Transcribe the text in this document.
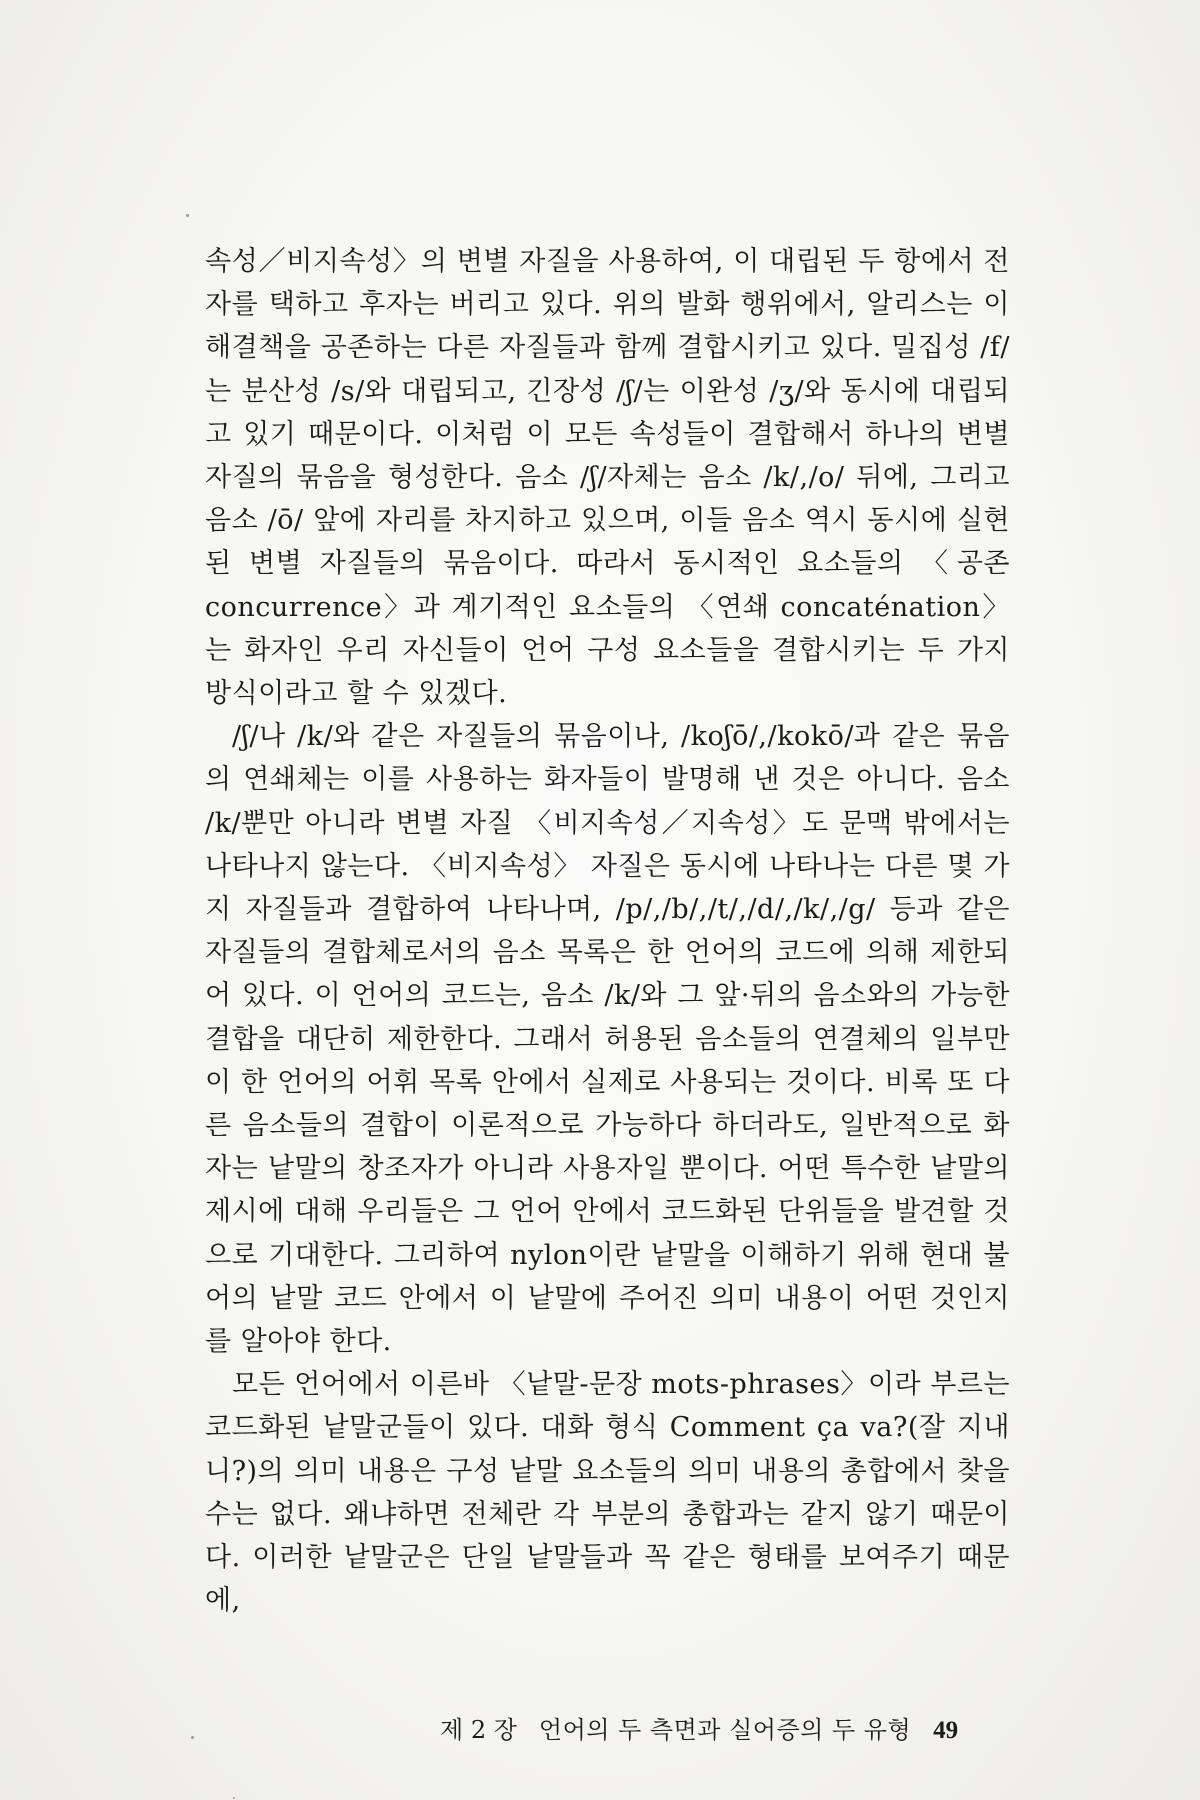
속성／비지속성〉의 변별 자질을 사용하여, 이 대립된 두 항에서 전자를 택하고 후자는 버리고 있다. 위의 발화 행위에서, 알리스는 이 해결책을 공존하는 다른 자질들과 함께 결합시키고 있다. 밀집성 /f/는 분산성 /s/와 대립되고, 긴장성 /ʃ/는 이완성 /ʒ/와 동시에 대립되고 있기 때문이다. 이처럼 이 모든 속성들이 결합해서 하나의 변별 자질의 묶음을 형성한다. 음소 /ʃ/자체는 음소 /k/,/o/ 뒤에, 그리고 음소 /ō/ 앞에 자리를 차지하고 있으며, 이들 음소 역시 동시에 실현된 변별 자질들의 묶음이다. 따라서 동시적인 요소들의 〈공존 concurrence〉과 계기적인 요소들의 〈연쇄 concaténation〉는 화자인 우리 자신들이 언어 구성 요소들을 결합시키는 두 가지 방식이라고 할 수 있겠다.

/ʃ/나 /k/와 같은 자질들의 묶음이나, /koʃō/,/kokō/과 같은 묶음의 연쇄체는 이를 사용하는 화자들이 발명해 낸 것은 아니다. 음소 /k/뿐만 아니라 변별 자질 〈비지속성／지속성〉도 문맥 밖에서는 나타나지 않는다. 〈비지속성〉 자질은 동시에 나타나는 다른 몇 가지 자질들과 결합하여 나타나며, /p/,/b/,/t/,/d/,/k/,/g/ 등과 같은 자질들의 결합체로서의 음소 목록은 한 언어의 코드에 의해 제한되어 있다. 이 언어의 코드는, 음소 /k/와 그 앞·뒤의 음소와의 가능한 결합을 대단히 제한한다. 그래서 허용된 음소들의 연결체의 일부만이 한 언어의 어휘 목록 안에서 실제로 사용되는 것이다. 비록 또 다른 음소들의 결합이 이론적으로 가능하다 하더라도, 일반적으로 화자는 낱말의 창조자가 아니라 사용자일 뿐이다. 어떤 특수한 낱말의 제시에 대해 우리들은 그 언어 안에서 코드화된 단위들을 발견할 것으로 기대한다. 그리하여 nylon이란 낱말을 이해하기 위해 현대 불어의 낱말 코드 안에서 이 낱말에 주어진 의미 내용이 어떤 것인지를 알아야 한다.

모든 언어에서 이른바 〈낱말-문장 mots-phrases〉이라 부르는 코드화된 낱말군들이 있다. 대화 형식 Comment ça va?(잘 지내니?)의 의미 내용은 구성 낱말 요소들의 의미 내용의 총합에서 찾을 수는 없다. 왜냐하면 전체란 각 부분의 총합과는 같지 않기 때문이다. 이러한 낱말군은 단일 낱말들과 꼭 같은 형태를 보여주기 때문에,

제 2 장 언어의 두 측면과 실어증의 두 유형 49
